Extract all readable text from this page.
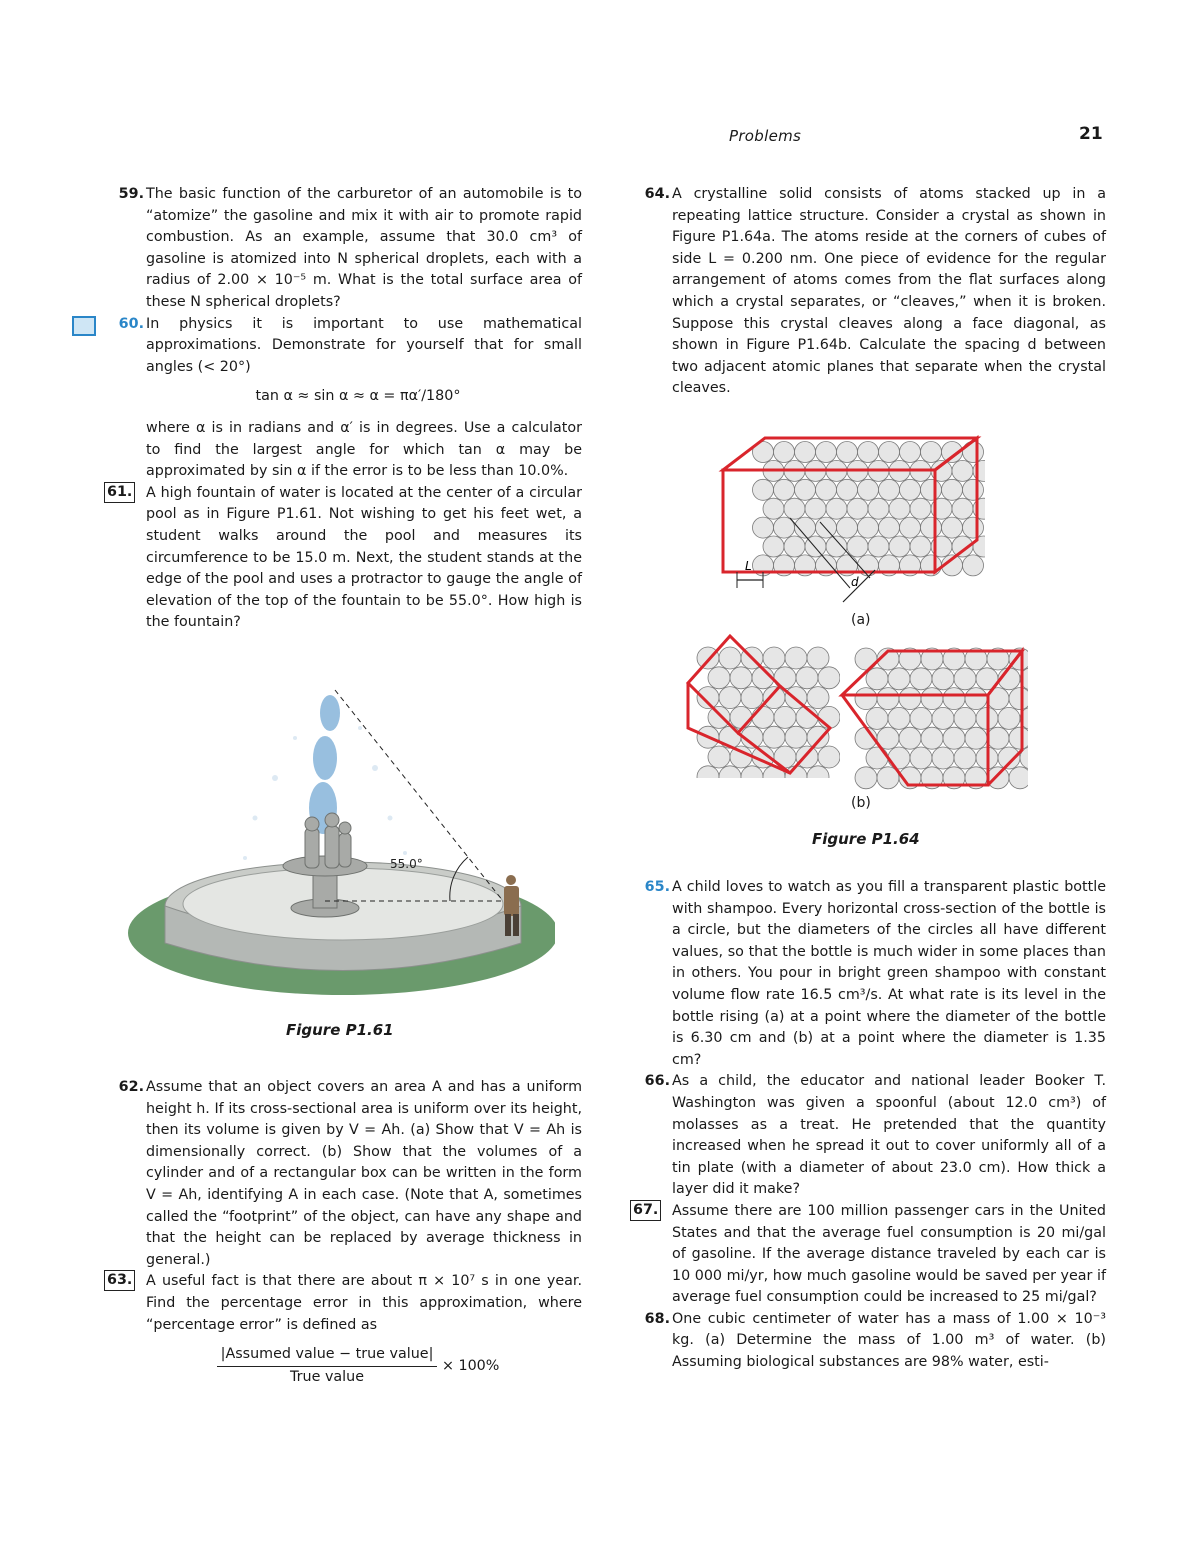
Problems	21
59. The basic function of the carburetor of an automobile is to “atomize” the gasoline and mix it with air to promote rapid combustion. As an example, assume that 30.0 cm³ of gasoline is atomized into N spherical droplets, each with a radius of 2.00 × 10⁻⁵ m. What is the total surface area of these N spherical droplets?
60. In physics it is important to use mathematical approximations. Demonstrate for yourself that for small angles (< 20°)
tan α ≈ sin α ≈ α = πα′/180°
where α is in radians and α′ is in degrees. Use a calculator to find the largest angle for which tan α may be approximated by sin α if the error is to be less than 10.0%.
61. A high fountain of water is located at the center of a circular pool as in Figure P1.61. Not wishing to get his feet wet, a student walks around the pool and measures its circumference to be 15.0 m. Next, the student stands at the edge of the pool and uses a protractor to gauge the angle of elevation of the top of the fountain to be 55.0°. How high is the fountain?
55.0°
Figure P1.61
62. Assume that an object covers an area A and has a uniform height h. If its cross-sectional area is uniform over its height, then its volume is given by V = Ah. (a) Show that V = Ah is dimensionally correct. (b) Show that the volumes of a cylinder and of a rectangular box can be written in the form V = Ah, identifying A in each case. (Note that A, sometimes called the “footprint” of the object, can have any shape and that the height can be replaced by average thickness in general.)
63. A useful fact is that there are about π × 10⁷ s in one year. Find the percentage error in this approximation, where “percentage error” is defined as
$\frac{\text{|Assumed value − true value|}}{\text{True value}} \times 100\%$
64. A crystalline solid consists of atoms stacked up in a repeating lattice structure. Consider a crystal as shown in Figure P1.64a. The atoms reside at the corners of cubes of side L = 0.200 nm. One piece of evidence for the regular arrangement of atoms comes from the flat surfaces along which a crystal separates, or “cleaves,” when it is broken. Suppose this crystal cleaves along a face diagonal, as shown in Figure P1.64b. Calculate the spacing d between two adjacent atomic planes that separate when the crystal cleaves.
L
d
(a)
(b)
Figure P1.64
65. A child loves to watch as you fill a transparent plastic bottle with shampoo. Every horizontal cross-section of the bottle is a circle, but the diameters of the circles all have different values, so that the bottle is much wider in some places than in others. You pour in bright green shampoo with constant volume flow rate 16.5 cm³/s. At what rate is its level in the bottle rising (a) at a point where the diameter of the bottle is 6.30 cm and (b) at a point where the diameter is 1.35 cm?
66. As a child, the educator and national leader Booker T. Washington was given a spoonful (about 12.0 cm³) of molasses as a treat. He pretended that the quantity increased when he spread it out to cover uniformly all of a tin plate (with a diameter of about 23.0 cm). How thick a layer did it make?
67. Assume there are 100 million passenger cars in the United States and that the average fuel consumption is 20 mi/gal of gasoline. If the average distance traveled by each car is 10 000 mi/yr, how much gasoline would be saved per year if average fuel consumption could be increased to 25 mi/gal?
68. One cubic centimeter of water has a mass of 1.00 × 10⁻³ kg. (a) Determine the mass of 1.00 m³ of water. (b) Assuming biological substances are 98% water, esti-
